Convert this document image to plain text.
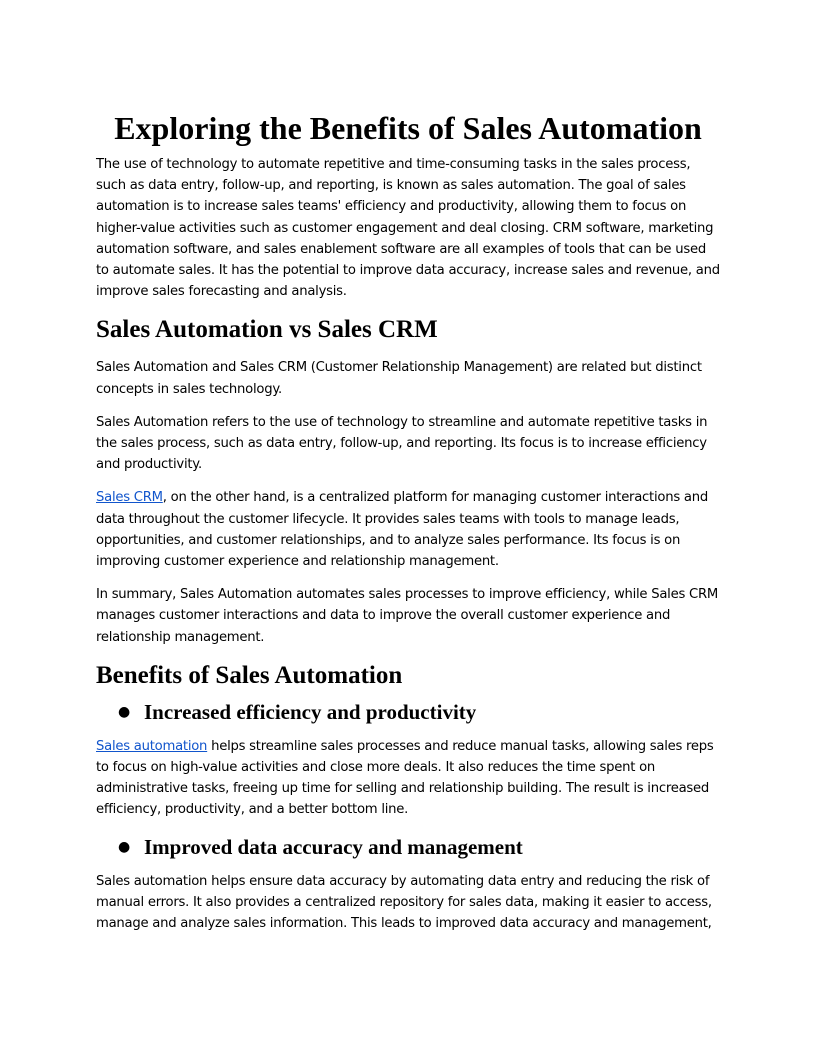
Exploring the Benefits of Sales Automation

The use of technology to automate repetitive and time-consuming tasks in the sales process, such as data entry, follow-up, and reporting, is known as sales automation. The goal of sales automation is to increase sales teams' efficiency and productivity, allowing them to focus on higher-value activities such as customer engagement and deal closing. CRM software, marketing automation software, and sales enablement software are all examples of tools that can be used to automate sales. It has the potential to improve data accuracy, increase sales and revenue, and improve sales forecasting and analysis.

Sales Automation vs Sales CRM

Sales Automation and Sales CRM (Customer Relationship Management) are related but distinct concepts in sales technology.

Sales Automation refers to the use of technology to streamline and automate repetitive tasks in the sales process, such as data entry, follow-up, and reporting. Its focus is to increase efficiency and productivity.

Sales CRM, on the other hand, is a centralized platform for managing customer interactions and data throughout the customer lifecycle. It provides sales teams with tools to manage leads, opportunities, and customer relationships, and to analyze sales performance. Its focus is on improving customer experience and relationship management.

In summary, Sales Automation automates sales processes to improve efficiency, while Sales CRM manages customer interactions and data to improve the overall customer experience and relationship management.

Benefits of Sales Automation
● Increased efficiency and productivity

Sales automation helps streamline sales processes and reduce manual tasks, allowing sales reps to focus on high-value activities and close more deals. It also reduces the time spent on administrative tasks, freeing up time for selling and relationship building. The result is increased efficiency, productivity, and a better bottom line.

● Improved data accuracy and management

Sales automation helps ensure data accuracy by automating data entry and reducing the risk of manual errors. It also provides a centralized repository for sales data, making it easier to access, manage and analyze sales information. This leads to improved data accuracy and management,
